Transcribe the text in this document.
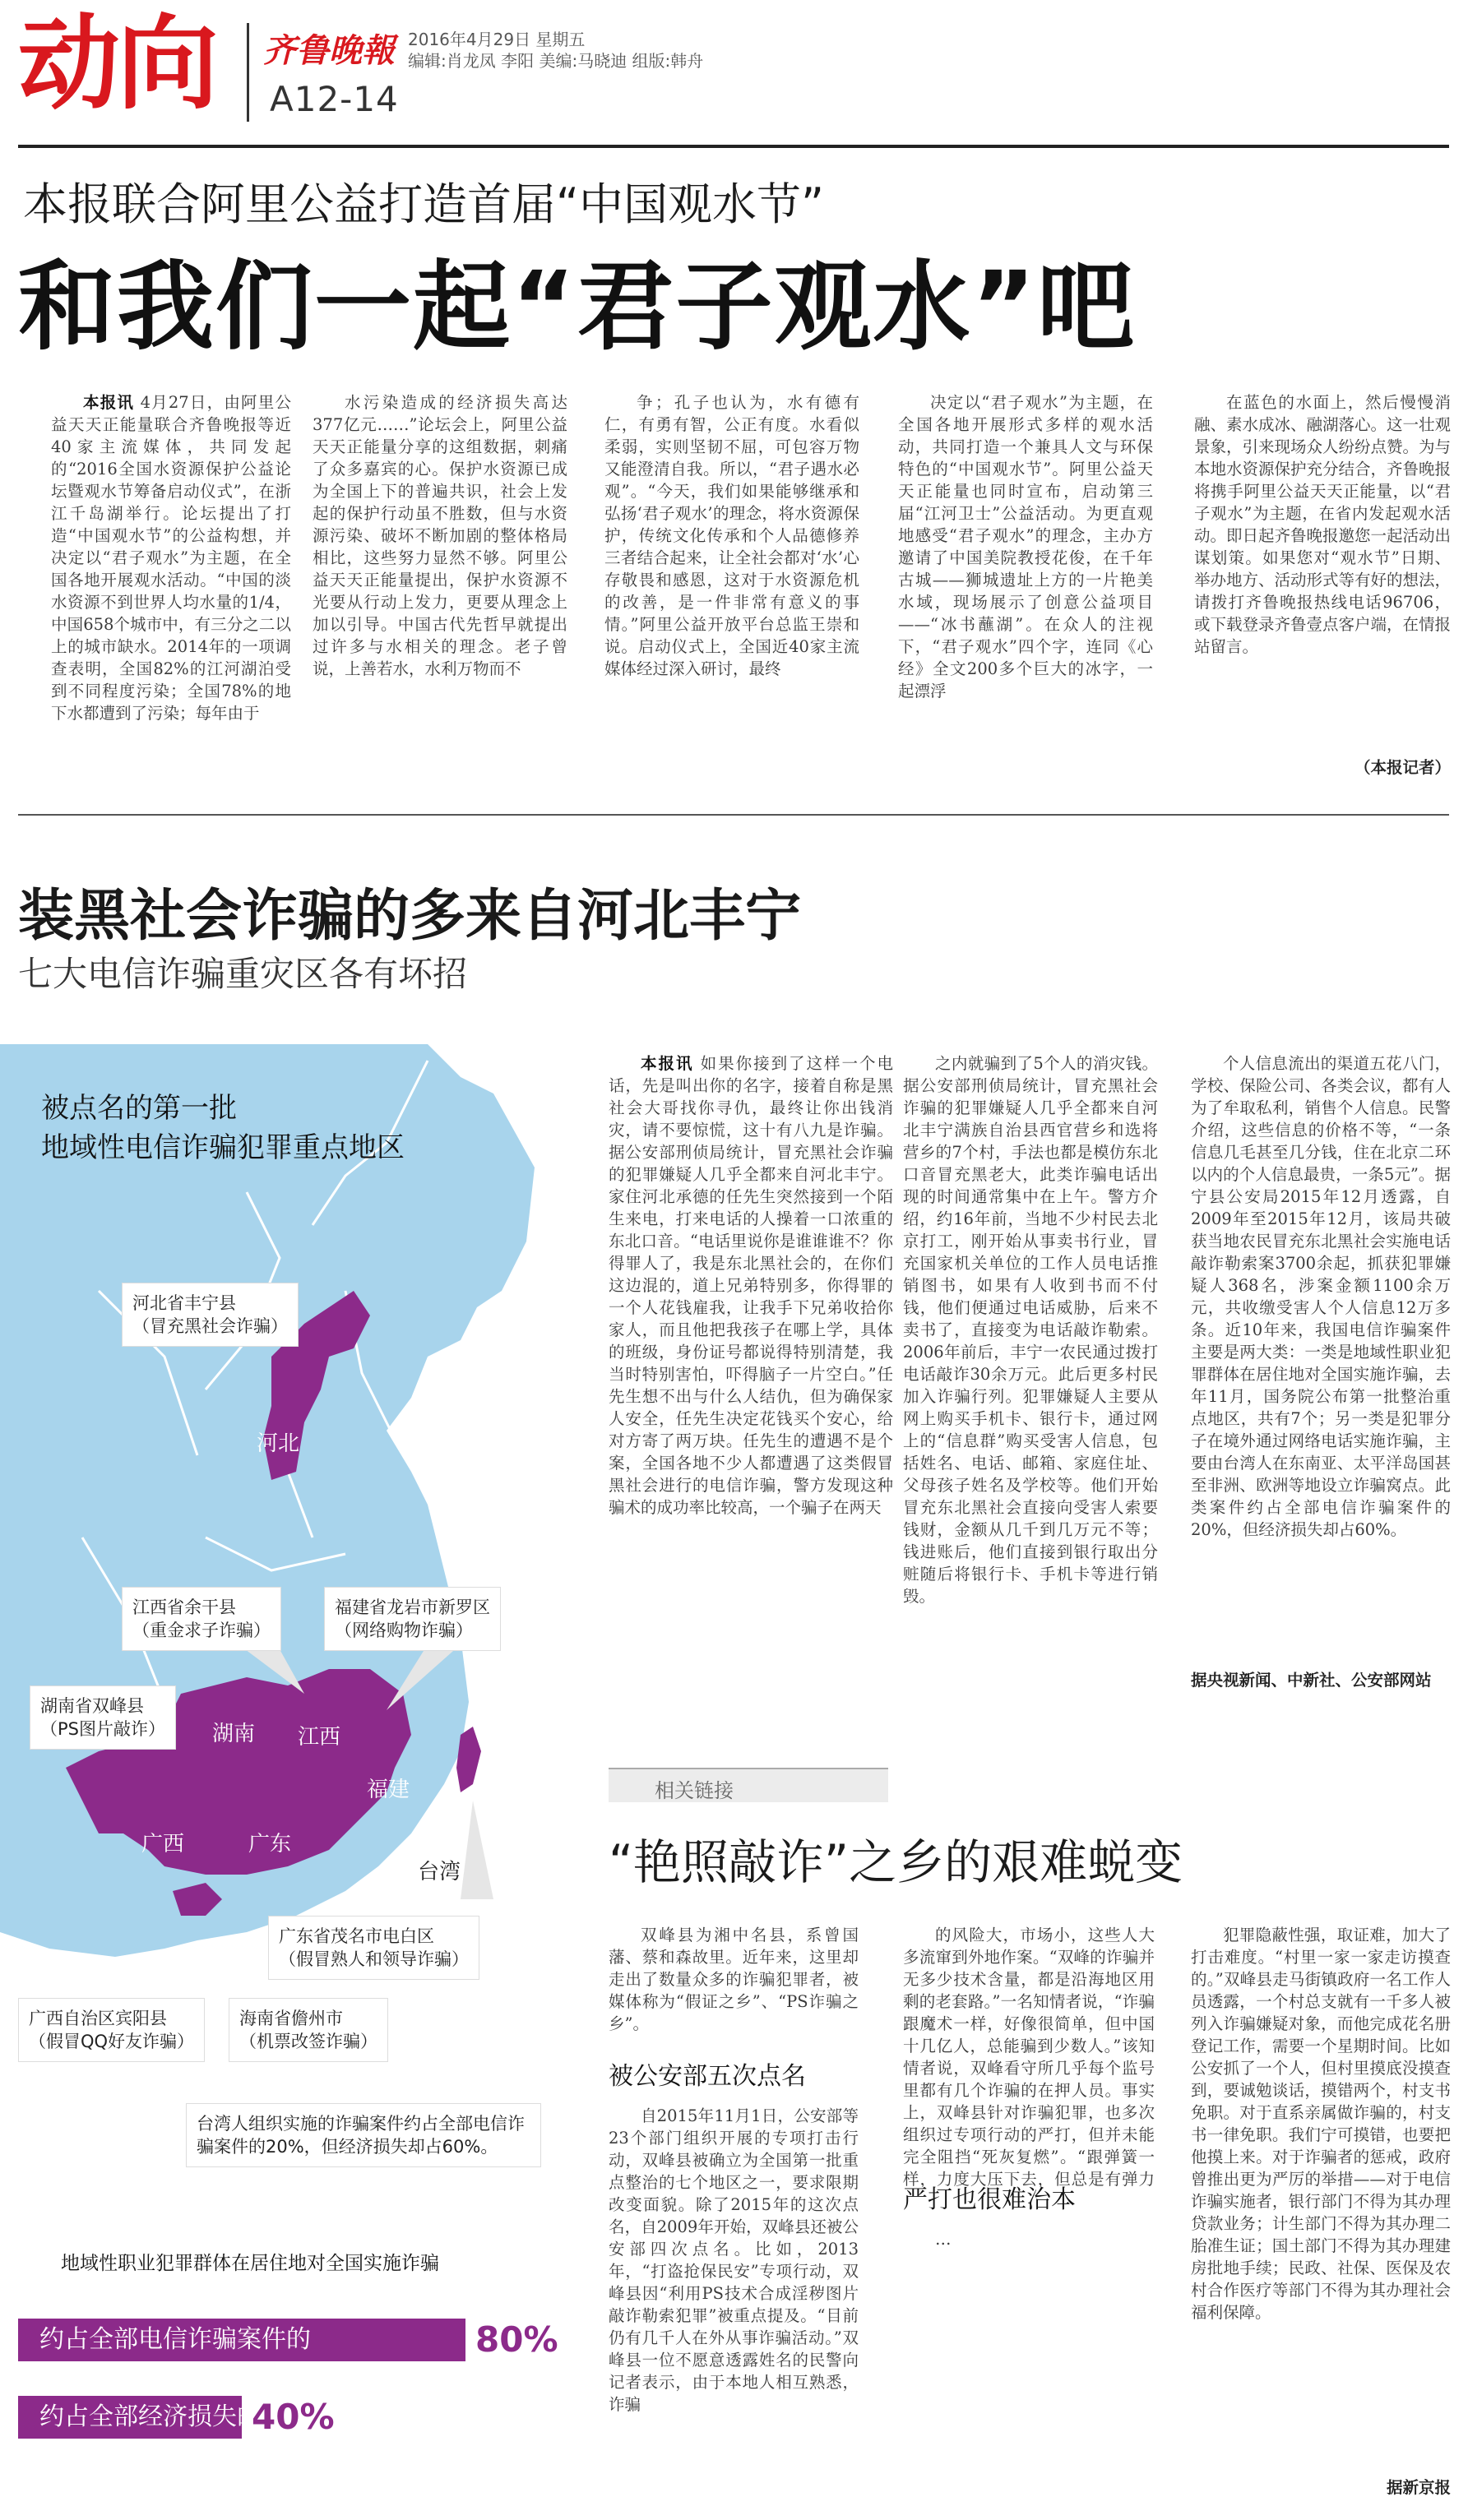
动向 齐鲁晚報 2016年4月29日 星期五
编辑:肖龙凤 李阳 美编:马晓迪 组版:韩舟
A12-14
本报联合阿里公益打造首届“中国观水节”
和我们一起“君子观水”吧

本报讯 4月27日，由阿里公益天天正能量联合齐鲁晚报等近40家主流媒体，共同发起的“2016全国水资源保护公益论坛暨观水节筹备启动仪式”，在浙江千岛湖举行。论坛提出了打造“中国观水节”的公益构想，并决定以“君子观水”为主题，在全国各地开展观水活动。“中国的淡水资源不到世界人均水量的1/4，中国658个城市中，有三分之二以上的城市缺水。2014年的一项调查表明，全国82%的江河湖泊受到不同程度污染；全国78%的地下水都遭到了污染；每年由于

水污染造成的经济损失高达377亿元……”论坛会上，阿里公益天天正能量分享的这组数据，刺痛了众多嘉宾的心。保护水资源已成为全国上下的普遍共识，社会上发起的保护行动虽不胜数，但与水资源污染、破坏不断加剧的整体格局相比，这些努力显然不够。阿里公益天天正能量提出，保护水资源不光要从行动上发力，更要从理念上加以引导。中国古代先哲早就提出过许多与水相关的理念。老子曾说，上善若水，水利万物而不

争；孔子也认为，水有德有仁，有勇有智，公正有度。水看似柔弱，实则坚韧不屈，可包容万物又能澄清自我。所以，“君子遇水必观”。“今天，我们如果能够继承和弘扬‘君子观水’的理念，将水资源保护，传统文化传承和个人品德修养三者结合起来，让全社会都对‘水’心存敬畏和感恩，这对于水资源危机的改善，是一件非常有意义的事情。”阿里公益开放平台总监王崇和说。启动仪式上，全国近40家主流媒体经过深入研讨，最终

决定以“君子观水”为主题，在全国各地开展形式多样的观水活动，共同打造一个兼具人文与环保特色的“中国观水节”。阿里公益天天正能量也同时宣布，启动第三届“江河卫士”公益活动。为更直观地感受“君子观水”的理念，主办方邀请了中国美院教授花俊，在千年古城——狮城遗址上方的一片艳美水域，现场展示了创意公益项目——“冰书蘸湖”。在众人的注视下，“君子观水”四个字，连同《心经》全文200多个巨大的冰字，一起漂浮

在蓝色的水面上，然后慢慢消融、素水成冰、融湖落心。这一壮观景象，引来现场众人纷纷点赞。为与本地水资源保护充分结合，齐鲁晚报将携手阿里公益天天正能量，以“君子观水”为主题，在省内发起观水活动。即日起齐鲁晚报邀您一起活动出谋划策。如果您对“观水节”日期、举办地方、活动形式等有好的想法，请拨打齐鲁晚报热线电话96706，或下载登录齐鲁壹点客户端，在情报站留言。

（本报记者）
装黑社会诈骗的多来自河北丰宁
七大电信诈骗重灾区各有坏招
被点名的第一批
地域性电信诈骗犯罪重点地区
河北省丰宁县
（冒充黑社会诈骗）
江西省余干县
（重金求子诈骗）
福建省龙岩市新罗区
（网络购物诈骗）
湖南省双峰县
（PS图片敲诈）
广东省茂名市电白区
（假冒熟人和领导诈骗）
广西自治区宾阳县
（假冒QQ好友诈骗）
海南省儋州市
（机票改签诈骗）
台湾人组织实施的诈骗案件约占全部电信诈骗案件的20%，但经济损失却占60%。
河北
湖南 江西
福建
广西	广东
海南
台湾
地域性职业犯罪群体在居住地对全国实施诈骗
约占全部电信诈骗案件的	80%
约占全部经济损失的
40%

本报讯 如果你接到了这样一个电话，先是叫出你的名字，接着自称是黑社会大哥找你寻仇，最终让你出钱消灾，请不要惊慌，这十有八九是诈骗。据公安部刑侦局统计，冒充黑社会诈骗的犯罪嫌疑人几乎全都来自河北丰宁。家住河北承德的任先生突然接到一个陌生来电，打来电话的人操着一口浓重的东北口音。“电话里说你是谁谁谁不？你得罪人了，我是东北黑社会的，在你们这边混的，道上兄弟特别多，你得罪的一个人花钱雇我，让我手下兄弟收拾你家人，而且他把我孩子在哪上学，具体的班级，身份证号都说得特别清楚，我当时特别害怕，吓得脑子一片空白。”任先生想不出与什么人结仇，但为确保家人安全，任先生决定花钱买个安心，给对方寄了两万块。任先生的遭遇不是个案，全国各地不少人都遭遇了这类假冒黑社会进行的电信诈骗，警方发现这种骗术的成功率比较高，一个骗子在两天

之内就骗到了5个人的消灾钱。据公安部刑侦局统计，冒充黑社会诈骗的犯罪嫌疑人几乎全都来自河北丰宁满族自治县西官营乡和选将营乡的7个村，手法也都是模仿东北口音冒充黑老大，此类诈骗电话出现的时间通常集中在上午。警方介绍，约16年前，当地不少村民去北京打工，刚开始从事卖书行业，冒充国家机关单位的工作人员电话推销图书，如果有人收到书而不付钱，他们便通过电话威胁，后来不卖书了，直接变为电话敲诈勒索。2006年前后，丰宁一农民通过拨打电话敲诈30余万元。此后更多村民加入诈骗行列。犯罪嫌疑人主要从网上购买手机卡、银行卡，通过网上的“信息群”购买受害人信息，包括姓名、电话、邮箱、家庭住址、父母孩子姓名及学校等。他们开始冒充东北黑社会直接向受害人索要钱财，金额从几千到几万元不等；钱进账后，他们直接到银行取出分赃随后将银行卡、手机卡等进行销毁。

个人信息流出的渠道五花八门，学校、保险公司、各类会议，都有人为了牟取私利，销售个人信息。民警介绍，这些信息的价格不等，“一条信息几毛甚至几分钱，住在北京二环以内的个人信息最贵，一条5元”。据宁县公安局2015年12月透露，自2009年至2015年12月，该局共破获当地农民冒充东北黑社会实施电话敲诈勒索案3700余起，抓获犯罪嫌疑人368名，涉案金额1100余万元，共收缴受害人个人信息12万多条。近10年来，我国电信诈骗案件主要是两大类：一类是地域性职业犯罪群体在居住地对全国实施诈骗，去年11月，国务院公布第一批整治重点地区，共有7个；另一类是犯罪分子在境外通过网络电话实施诈骗，主要由台湾人在东南亚、太平洋岛国甚至非洲、欧洲等地设立诈骗窝点。此类案件约占全部电信诈骗案件的20%，但经济损失却占60%。

据央视新闻、中新社、公安部网站
相关链接
“艳照敲诈”之乡的艰难蜕变

双峰县为湘中名县，系曾国藩、蔡和森故里。近年来，这里却走出了数量众多的诈骗犯罪者，被媒体称为“假证之乡”、“PS诈骗之乡”。

被公安部五次点名

自2015年11月1日，公安部等23个部门组织开展的专项打击行动，双峰县被确立为全国第一批重点整治的七个地区之一，要求限期改变面貌。除了2015年的这次点名，自2009年开始，双峰县还被公安部四次点名。比如，2013年，“打盗抢保民安”专项行动，双峰县因“利用PS技术合成淫秽图片敲诈勒索犯罪”被重点提及。“目前仍有几千人在外从事诈骗活动。”双峰县一位不愿意透露姓名的民警向记者表示，由于本地人相互熟悉，诈骗

的风险大，市场小，这些人大多流窜到外地作案。“双峰的诈骗并无多少技术含量，都是沿海地区用剩的老套路。”一名知情者说，“诈骗跟魔术一样，好像很简单，但中国十几亿人，总能骗到少数人。”该知情者说，双峰看守所几乎每个监号里都有几个诈骗的在押人员。事实上，双峰县针对诈骗犯罪，也多次组织过专项行动的严打，但并未能完全阻挡“死灰复燃”。“跟弹簧一样，力度大压下去，但总是有弹力

严打也很难治本

…

犯罪隐蔽性强，取证难，加大了打击难度。“村里一家一家走访摸查的。”双峰县走马街镇政府一名工作人员透露，一个村总支就有一千多人被列入诈骗嫌疑对象，而他完成花名册登记工作，需要一个星期时间。比如公安抓了一个人，但村里摸底没摸查到，要诚勉谈话，摸错两个，村支书免职。对于直系亲属做诈骗的，村支书一律免职。我们宁可摸错，也要把他摸上来。对于诈骗者的惩戒，政府曾推出更为严厉的举措——对于电信诈骗实施者，银行部门不得为其办理贷款业务；计生部门不得为其办理二胎准生证；国土部门不得为其办理建房批地手续；民政、社保、医保及农村合作医疗等部门不得为其办理社会福利保障。

据新京报
